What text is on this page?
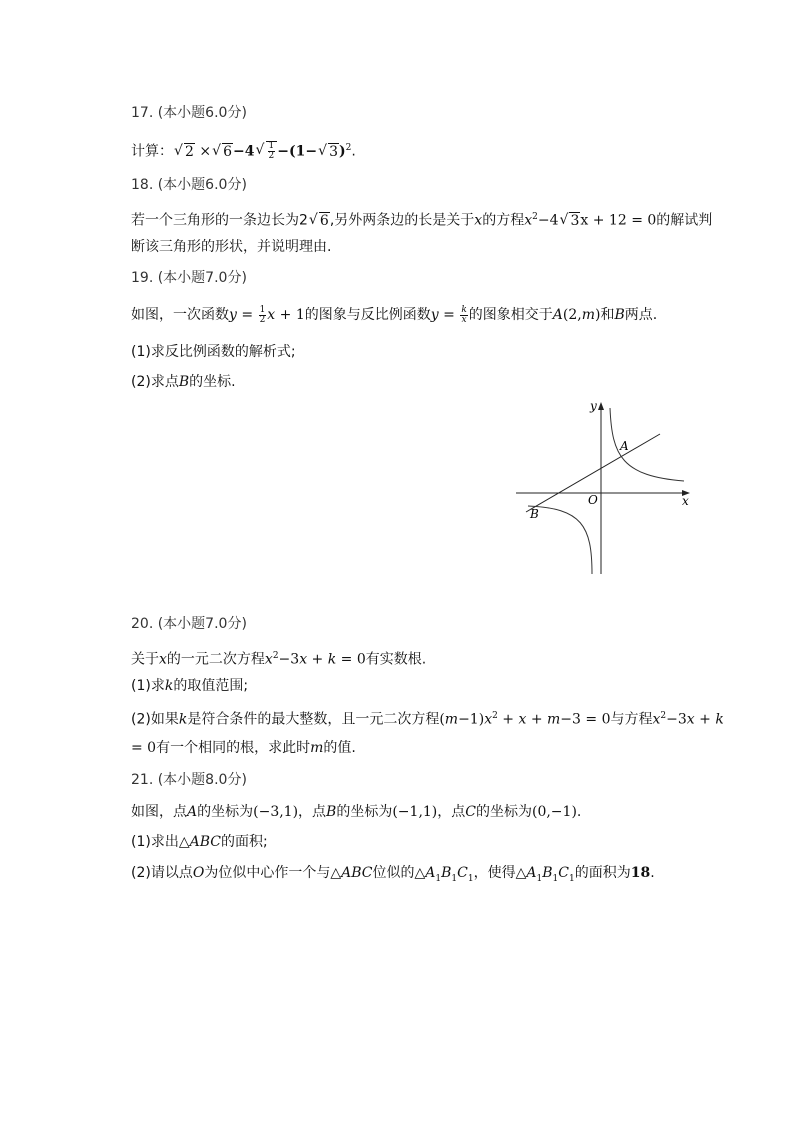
17. (本小题6.0分)
计算：√ 2 ×√ 6−4
√ $\frac{1}{2} -(1-√$ 3)$^2$.
18. (本小题6.0分)
若一个三角形的一条边长为2√ 6,另外两条边的长是关于x的方程$x^2-4√$ 3x + 12 = 0的解试判
断该三角形的形状，并说明理由.
19. (本小题7.0分)
如图，一次函数$y = \frac{1}{2}$ x + 1的图象与反比例函数$y = \frac{k}{x}$ 的图象相交于A(2,m)和B两点.
(1)求反比例函数的解析式;
(2)求点B的坐标.
y
x
O
A
B
20. (本小题7.0分)
关于x的一元二次方程$x^2-3x + k = 0$有实数根.
(1)求k的取值范围;
(2)如果k是符合条件的最大整数，且一元二次方程$(m-1)x^2 + x + m-3 = 0$与方程$x^2-3x + k$
= 0有一个相同的根，求此时m的值.
21. (本小题8.0分)
如图，点A的坐标为(−3,1)，点B的坐标为(−1,1)，点C的坐标为(0,−1).
(1)求出△ABC的面积;
(2)请以点O为位似中心作一个与△ABC位似的$\triangle A_1B_1C_1$，使得$\triangle A_1B_1C_1$的面积为18.
